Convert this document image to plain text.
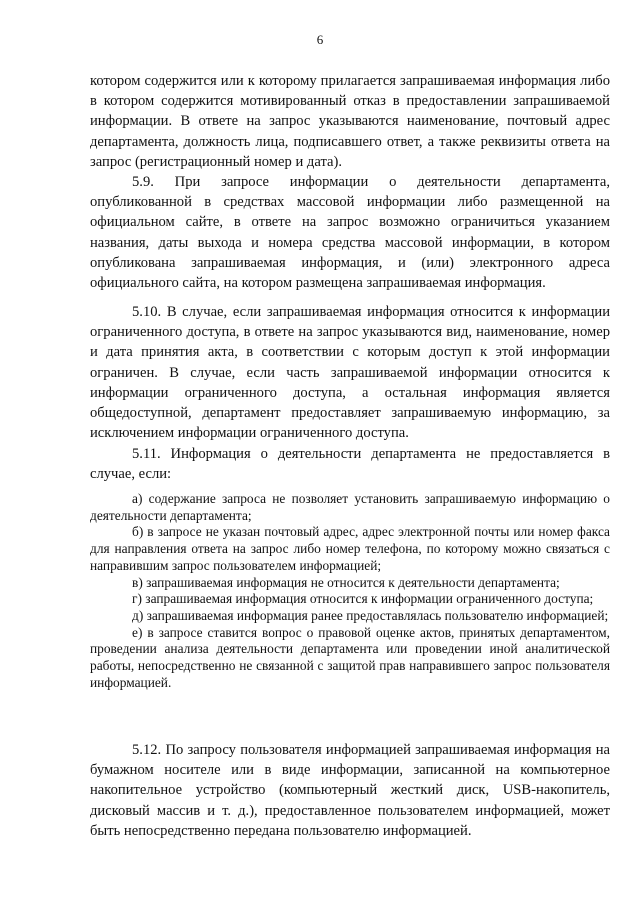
6

котором содержится или к которому прилагается запрашиваемая информация либо в котором содержится мотивированный отказ в предоставлении запрашиваемой информации. В ответе на запрос указываются наименование, почтовый адрес департамента, должность лица, подписавшего ответ, а также реквизиты ответа на запрос (регистрационный номер и дата).

5.9. При запросе информации о деятельности департамента, опубликованной в средствах массовой информации либо размещенной на официальном сайте, в ответе на запрос возможно ограничиться указанием названия, даты выхода и номера средства массовой информации, в котором опубликована запрашиваемая информация, и (или) электронного адреса официального сайта, на котором размещена запрашиваемая информация.

5.10. В случае, если запрашиваемая информация относится к информации ограниченного доступа, в ответе на запрос указываются вид, наименование, номер и дата принятия акта, в соответствии с которым доступ к этой информации ограничен. В случае, если часть запрашиваемой информации относится к информации ограниченного доступа, а остальная информация является общедоступной, департамент предоставляет запрашиваемую информацию, за исключением информации ограниченного доступа.

5.11. Информация о деятельности департамента не предоставляется в случае, если:

а) содержание запроса не позволяет установить запрашиваемую информацию о деятельности департамента;

б) в запросе не указан почтовый адрес, адрес электронной почты или номер факса для направления ответа на запрос либо номер телефона, по которому можно связаться с направившим запрос пользователем информацией;

в) запрашиваемая информация не относится к деятельности департамента;

г) запрашиваемая информация относится к информации ограниченного доступа;

д) запрашиваемая информация ранее предоставлялась пользователю информацией;

е) в запросе ставится вопрос о правовой оценке актов, принятых департаментом, проведении анализа деятельности департамента или проведении иной аналитической работы, непосредственно не связанной с защитой прав направившего запрос пользователя информацией.

5.12. По запросу пользователя информацией запрашиваемая информация на бумажном носителе или в виде информации, записанной на компьютерное накопительное устройство (компьютерный жесткий диск, USB-накопитель, дисковый массив и т. д.), предоставленное пользователем информацией, может быть непосредственно передана пользователю информацией.
